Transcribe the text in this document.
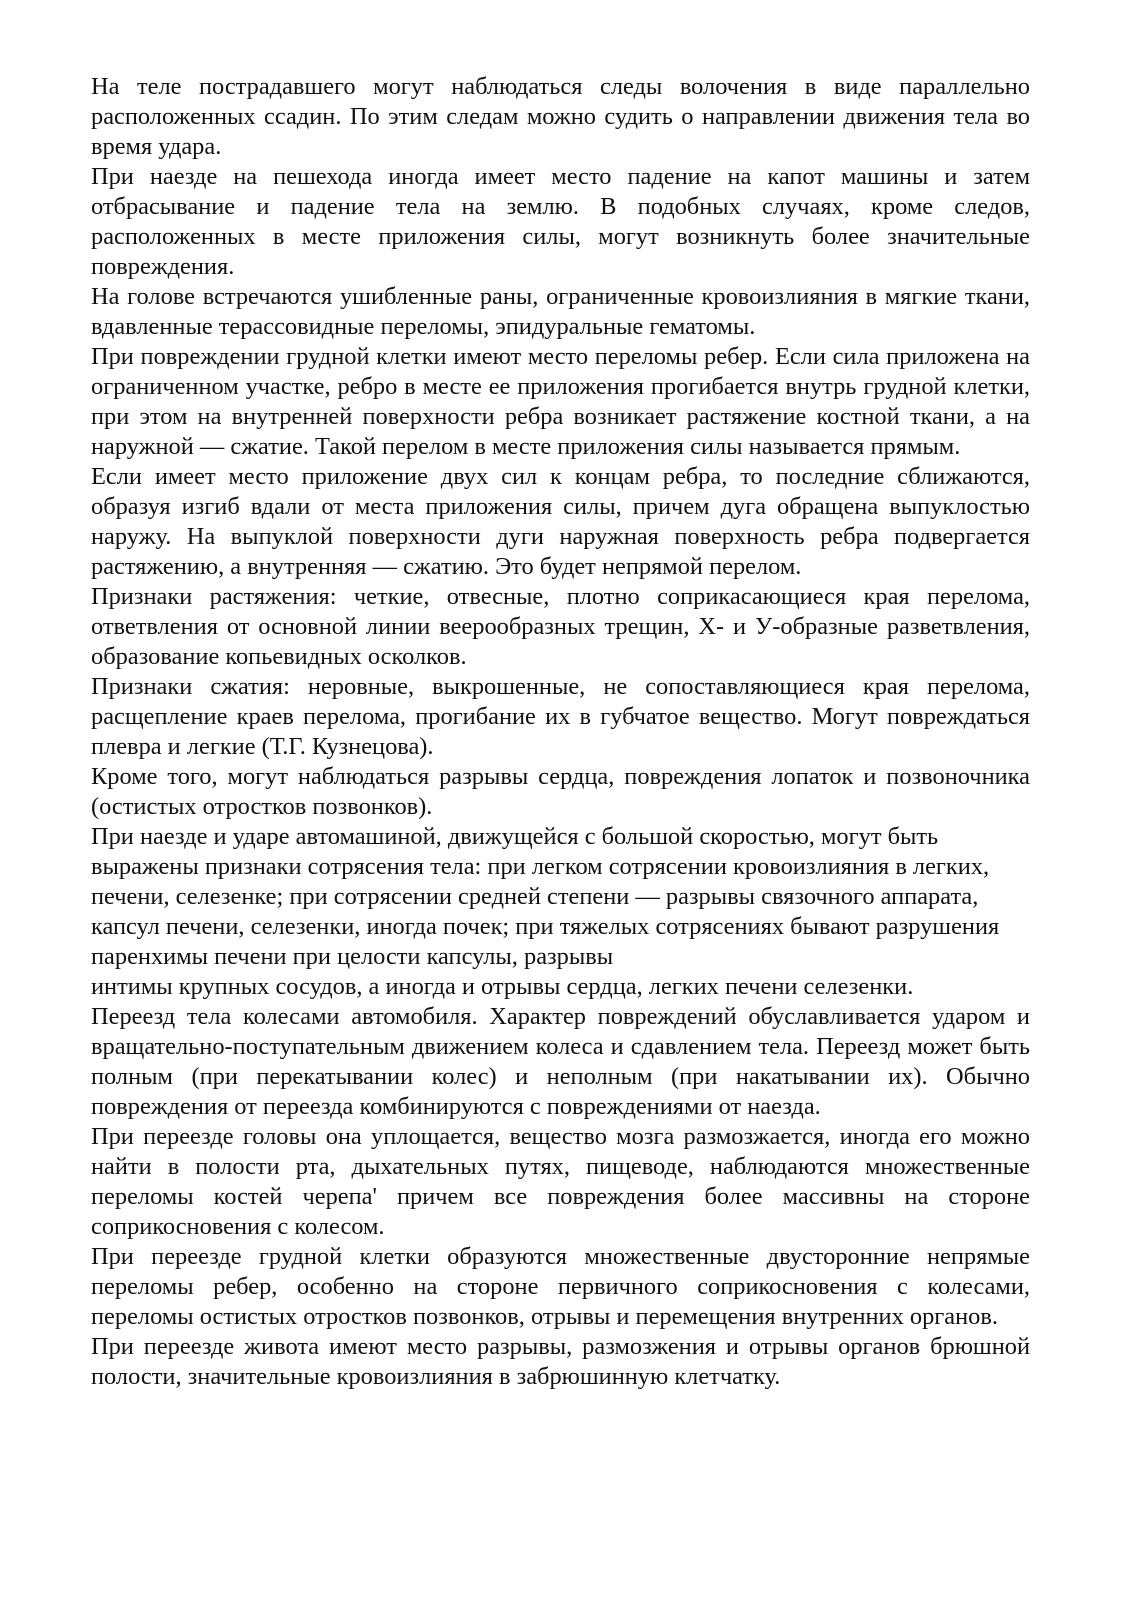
На теле пострадавшего могут наблюдаться следы волочения в виде параллельно расположенных ссадин. По этим следам можно судить о направлении движения тела во время удара.

При наезде на пешехода иногда имеет место падение на капот машины и затем отбрасывание и падение тела на землю. В подобных случаях, кроме следов, расположенных в месте приложения силы, могут возникнуть более значительные повреждения.

На голове встречаются ушибленные раны, ограниченные кровоизлияния в мягкие ткани, вдавленные терассовидные переломы, эпидуральные гематомы.

При повреждении грудной клетки имеют место переломы ребер. Если сила приложена на ограниченном участке, ребро в месте ее приложения прогибается внутрь грудной клетки, при этом на внутренней поверхности ребра возникает растяжение костной ткани, а на наружной — сжатие. Такой перелом в месте приложения силы называется прямым.

Если имеет место приложение двух сил к концам ребра, то последние сближаются, образуя изгиб вдали от места приложения силы, причем дуга обращена выпуклостью наружу. На выпуклой поверхности дуги наружная поверхность ребра подвергается растяжению, а внутренняя — сжатию. Это будет непрямой перелом.

Признаки растяжения: четкие, отвесные, плотно соприкасающиеся края перелома, ответвления от основной линии веерообразных трещин, Х- и У-образные разветвления, образование копьевидных осколков.

Признаки сжатия: неровные, выкрошенные, не сопоставляющиеся края перелома, расщепление краев перелома, прогибание их в губчатое вещество. Могут повреждаться плевра и легкие (Т.Г. Кузнецова).

Кроме того, могут наблюдаться разрывы сердца, повреждения лопаток и позвоночника (остистых отростков позвонков).

При наезде и ударе автомашиной, движущейся с большой скоростью, могут быть выражены признаки сотрясения тела: при легком сотрясении кровоизлияния в легких, печени, селезенке; при сотрясении средней степени — разрывы связочного аппарата, капсул печени, селезенки, иногда почек; при тяжелых сотрясениях бывают разрушения паренхимы печени при целости капсулы, разрывы

интимы крупных сосудов, а иногда и отрывы сердца, легких печени селезенки.

Переезд тела колесами автомобиля. Характер повреждений обуславливается ударом и вращательно-поступательным движением колеса и сдавлением тела. Переезд может быть полным (при перекатывании колес) и неполным (при накатывании их). Обычно повреждения от переезда комбинируются с повреждениями от наезда.

При переезде головы она уплощается, вещество мозга размозжается, иногда его можно найти в полости рта, дыхательных путях, пищеводе, наблюдаются множественные переломы костей черепа' причем все повреждения более массивны на стороне соприкосновения с колесом.

При переезде грудной клетки образуются множественные двусторонние непрямые переломы ребер, особенно на стороне первичного соприкосновения с колесами, переломы остистых отростков позвонков, отрывы и перемещения внутренних органов.

При переезде живота имеют место разрывы, размозжения и отрывы органов брюшной полости, значительные кровоизлияния в забрюшинную клетчатку.
